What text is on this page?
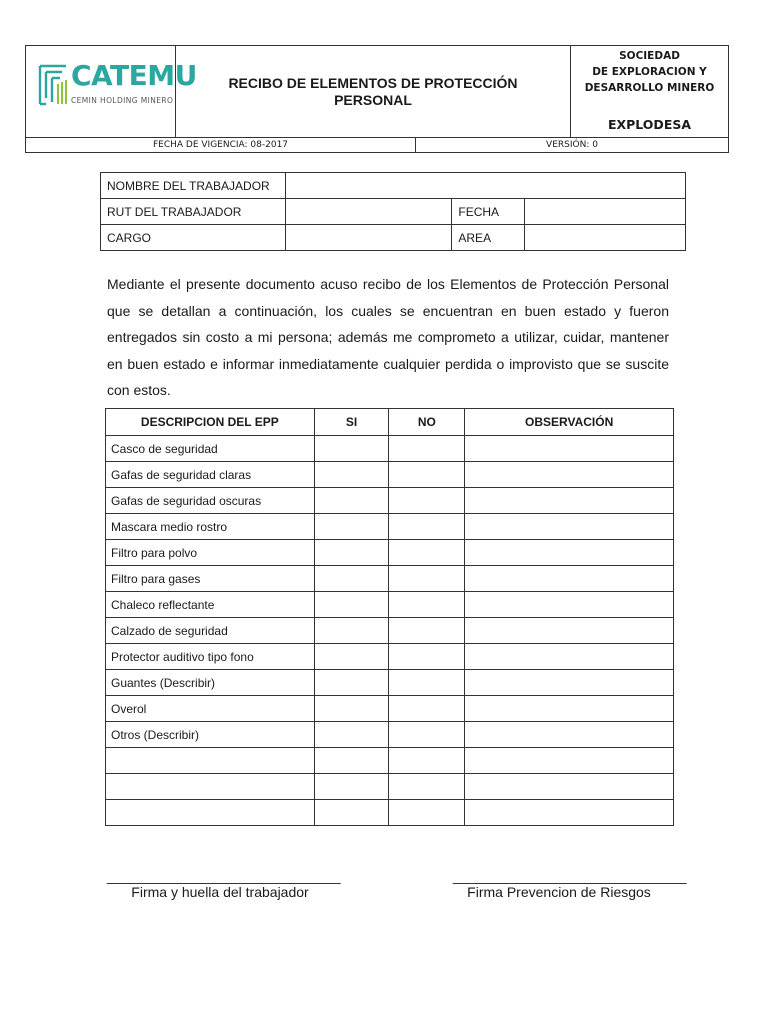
CATEMU
CEMIN HOLDING MINERO
RECIBO DE ELEMENTOS DE PROTECCIÓN PERSONAL
SOCIEDAD
DE EXPLORACION Y
DESARROLLO MINERO
EXPLODESA
FECHA DE VIGENCIA: 08-2017	VERSIÓN: 0
NOMBRE DEL TRABAJADOR			
RUT DEL TRABAJADOR		FECHA	
CARGO		AREA	
Mediante el presente documento acuso recibo de los Elementos de Protección Personal que se detallan a continuación, los cuales se encuentran en buen estado y fueron entregados sin costo a mi persona; además me comprometo a utilizar, cuidar, mantener en buen estado e informar inmediatamente cualquier perdida o improvisto que se suscite con estos.
DESCRIPCION DEL EPP	SI	NO	OBSERVACIÓN
Casco de seguridad			
Gafas de seguridad claras			
Gafas de seguridad oscuras			
Mascara medio rostro			
Filtro para polvo			
Filtro para gases			
Chaleco reflectante			
Calzado de seguridad			
Protector auditivo tipo fono			
Guantes (Describir)			
Overol			
Otros (Describir)			

______________________________
Firma y huella del trabajador
______________________________
Firma Prevencion de Riesgos
